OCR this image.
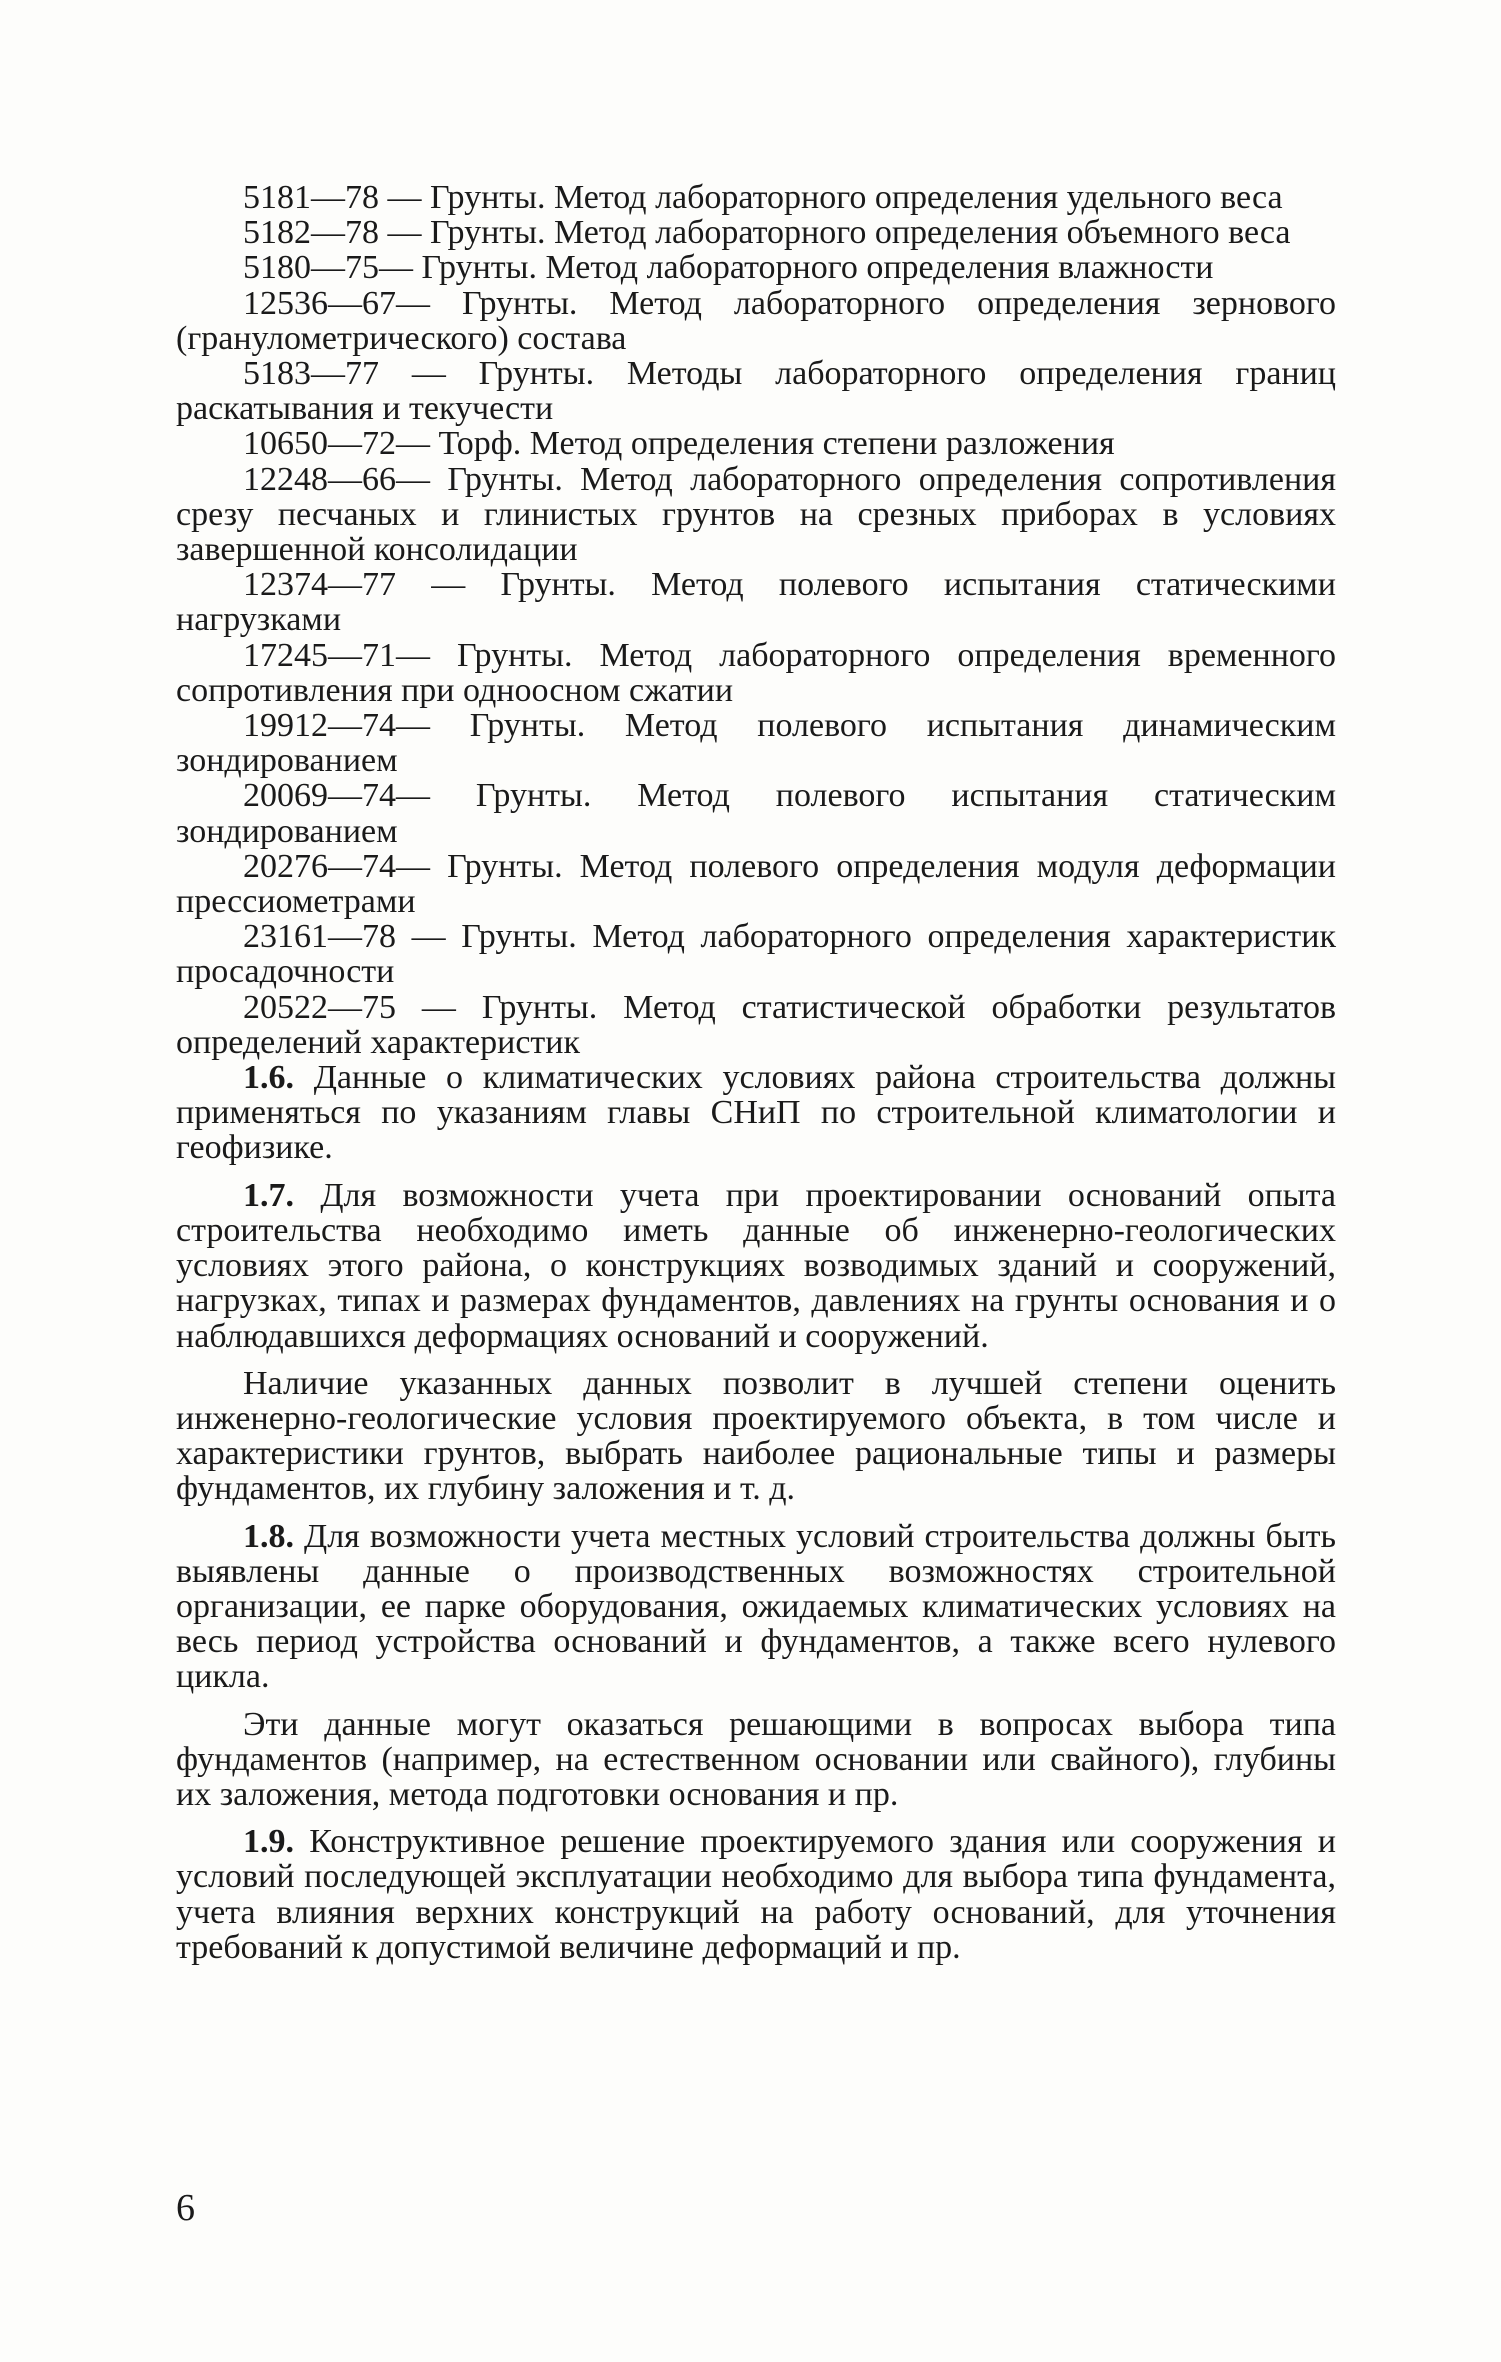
5181—78 — Грунты. Метод лабораторного определения удельного веса

5182—78 — Грунты. Метод лабораторного определения объемного веса

5180—75— Грунты. Метод лабораторного определения влажности

12536—67— Грунты. Метод лабораторного определения зернового (гранулометрического) состава

5183—77 — Грунты. Методы лабораторного определения границ раскатывания и текучести

10650—72— Торф. Метод определения степени разложения

12248—66— Грунты. Метод лабораторного определения сопротивления срезу песчаных и глинистых грунтов на срезных приборах в условиях завершенной консолидации

12374—77 — Грунты. Метод полевого испытания статическими нагрузками

17245—71— Грунты. Метод лабораторного определения временного сопротивления при одноосном сжатии

19912—74— Грунты. Метод полевого испытания динамическим зондированием

20069—74— Грунты. Метод полевого испытания статическим зондированием

20276—74— Грунты. Метод полевого определения модуля деформации прессиометрами

23161—78 — Грунты. Метод лабораторного определения характеристик просадочности

20522—75 — Грунты. Метод статистической обработки результатов определений характеристик

1.6. Данные о климатических условиях района строительства должны применяться по указаниям главы СНиП по строительной климатологии и геофизике.

1.7. Для возможности учета при проектировании оснований опыта строительства необходимо иметь данные об инженерно-геологических условиях этого района, о конструкциях возводимых зданий и сооружений, нагрузках, типах и размерах фундаментов, давлениях на грунты основания и о наблюдавшихся деформациях оснований и сооружений.

Наличие указанных данных позволит в лучшей степени оценить инженерно-геологические условия проектируемого объекта, в том числе и характеристики грунтов, выбрать наиболее рациональные типы и размеры фундаментов, их глубину заложения и т. д.

1.8. Для возможности учета местных условий строительства должны быть выявлены данные о производственных возможностях строительной организации, ее парке оборудования, ожидаемых климатических условиях на весь период устройства оснований и фундаментов, а также всего нулевого цикла.

Эти данные могут оказаться решающими в вопросах выбора типа фундаментов (например, на естественном основании или свайного), глубины их заложения, метода подготовки основания и пр.

1.9. Конструктивное решение проектируемого здания или сооружения и условий последующей эксплуатации необходимо для выбора типа фундамента, учета влияния верхних конструкций на работу оснований, для уточнения требований к допустимой величине деформаций и пр.

6
